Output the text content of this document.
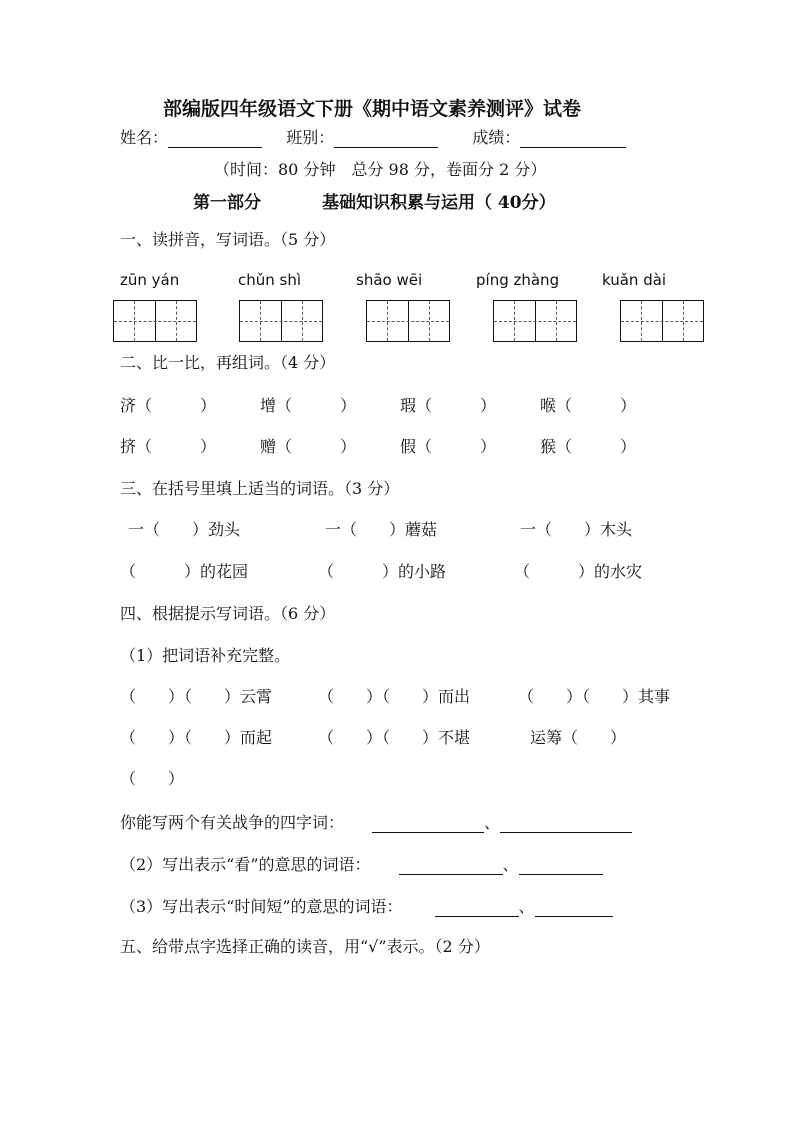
部编版四年级语文下册《期中语文素养测评》试卷
姓名：	班别：	成绩：
（时间：80 分钟　总分 98 分，卷面分 2 分）
第一部分	基础知识积累与运用（ 40分）
一、读拼音，写词语。（5 分）
zūn yán	chǔn shì	shāo wēi	píng zhàng	kuǎn dài
二、比一比，再组词。（4 分）
济（　　　）	增（　　　）	瑕（　　　）	喉（　　　）
挤（　　　）	赠（　　　）	假（　　　）	猴（　　　）
三、在括号里填上适当的词语。（3 分）
一（　　）劲头	一（　　）蘑菇	一（　　）木头
（　　　）的花园	（　　　）的小路	（　　　）的水灾
四、根据提示写词语。（6 分）
（1）把词语补充完整。
（　　）（　　）云霄	（　　）（　　）而出	（　　）（　　）其事
（　　）（　　）而起	（　　）（　　）不堪	运筹（　　）
（　　）
你能写两个有关战争的四字词：	、
（2）写出表示“看”的意思的词语：	、
（3）写出表示“时间短”的意思的词语：	、
五、给带点字选择正确的读音，用“√”表示。（2 分）
